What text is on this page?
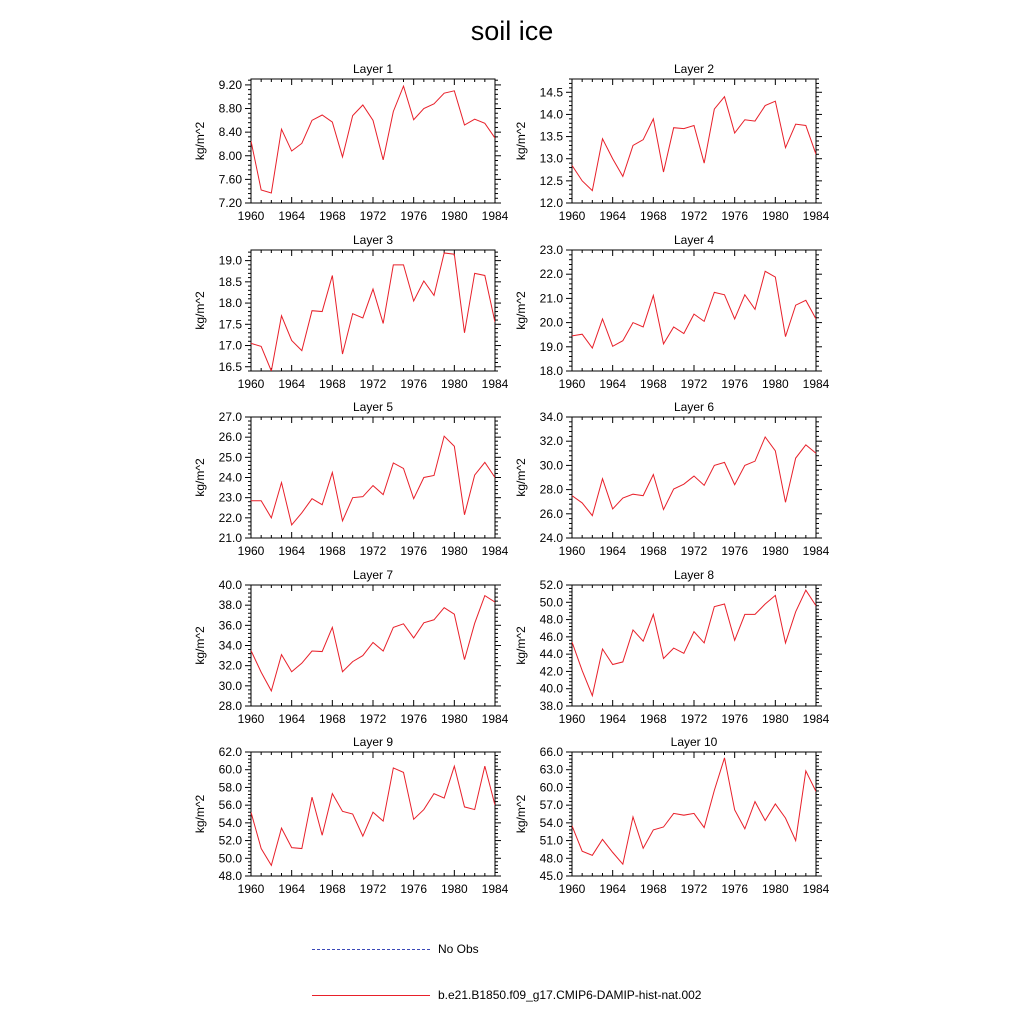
soil ice
Layer 1
1960 1964 1968 1972 1976 1980 1984
7.20
7.60
8.00
8.40
8.80
9.20
kg/m^2
Layer 2
1960 1964 1968 1972 1976 1980 1984
12.0
12.5
13.0
13.5
14.0
14.5
kg/m^2
Layer 3
1960 1964 1968 1972 1976 1980 1984
16.5
17.0
17.5
18.0
18.5
19.0
kg/m^2
Layer 4
1960 1964 1968 1972 1976 1980 1984
18.0
19.0
20.0
21.0
22.0
23.0
kg/m^2
Layer 5
1960 1964 1968 1972 1976 1980 1984
21.0
22.0
23.0
24.0
25.0
26.0
27.0
kg/m^2
Layer 6
1960 1964 1968 1972 1976 1980 1984
24.0
26.0
28.0
30.0
32.0
34.0
kg/m^2
Layer 7
1960 1964 1968 1972 1976 1980 1984
28.0
30.0
32.0
34.0
36.0
38.0
40.0
kg/m^2
Layer 8
1960 1964 1968 1972 1976 1980 1984
38.0
40.0
42.0
44.0
46.0
48.0
50.0
52.0
kg/m^2
Layer 9
1960 1964 1968 1972 1976 1980 1984
48.0
50.0
52.0
54.0
56.0
58.0
60.0
62.0
kg/m^2
Layer 10
1960 1964 1968 1972 1976 1980 1984
45.0
48.0
51.0
54.0
57.0
60.0
63.0
66.0
kg/m^2
No Obs
b.e21.B1850.f09_g17.CMIP6-DAMIP-hist-nat.002
